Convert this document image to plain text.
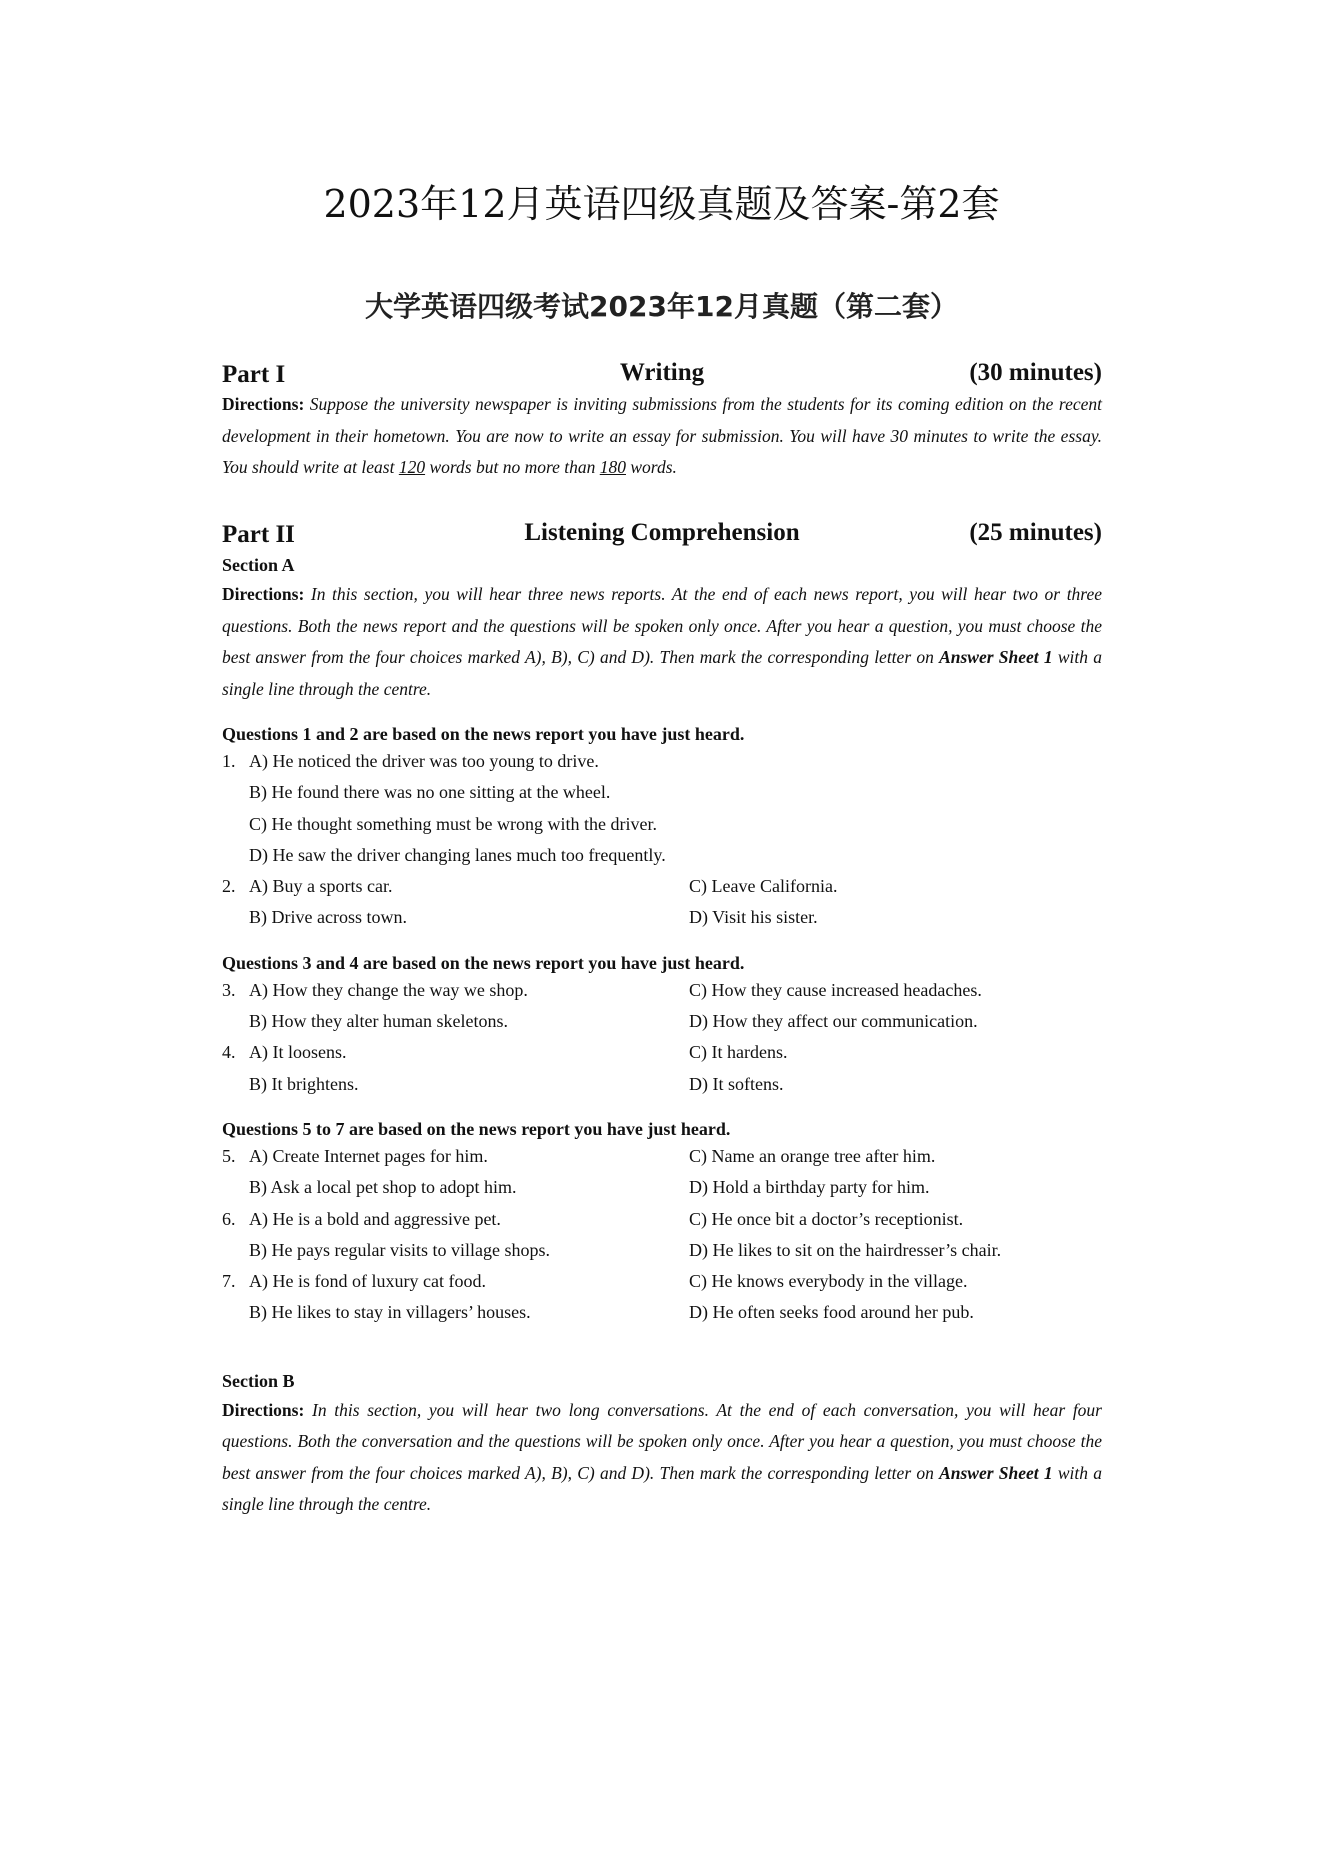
2023年12月英语四级真题及答案-第2套
大学英语四级考试2023年12月真题（第二套）
Part I	Writing	(30 minutes)
Directions: Suppose the university newspaper is inviting submissions from the students for its coming edition on the recent development in their hometown. You are now to write an essay for submission. You will have 30 minutes to write the essay. You should write at least 120 words but no more than 180 words.
Part II	Listening Comprehension	(25 minutes)
Section A
Directions: In this section, you will hear three news reports. At the end of each news report, you will hear two or three questions. Both the news report and the questions will be spoken only once. After you hear a question, you must choose the best answer from the four choices marked A), B), C) and D). Then mark the corresponding letter on Answer Sheet 1 with a single line through the centre.
Questions 1 and 2 are based on the news report you have just heard.
1. A) He noticed the driver was too young to drive.
B) He found there was no one sitting at the wheel.
C) He thought something must be wrong with the driver.
D) He saw the driver changing lanes much too frequently.
2. A) Buy a sports car.	C) Leave California.
B) Drive across town.	D) Visit his sister.
Questions 3 and 4 are based on the news report you have just heard.
3. A) How they change the way we shop.	C) How they cause increased headaches.
B) How they alter human skeletons.	D) How they affect our communication.
4. A) It loosens.	C) It hardens.
B) It brightens.	D) It softens.
Questions 5 to 7 are based on the news report you have just heard.
5. A) Create Internet pages for him.	C) Name an orange tree after him.
B) Ask a local pet shop to adopt him.	D) Hold a birthday party for him.
6. A) He is a bold and aggressive pet.	C) He once bit a doctor’s receptionist.
B) He pays regular visits to village shops.	D) He likes to sit on the hairdresser’s chair.
7. A) He is fond of luxury cat food.	C) He knows everybody in the village.
B) He likes to stay in villagers’ houses.	D) He often seeks food around her pub.
Section B
Directions: In this section, you will hear two long conversations. At the end of each conversation, you will hear four questions. Both the conversation and the questions will be spoken only once. After you hear a question, you must choose the best answer from the four choices marked A), B), C) and D). Then mark the corresponding letter on Answer Sheet 1 with a single line through the centre.
